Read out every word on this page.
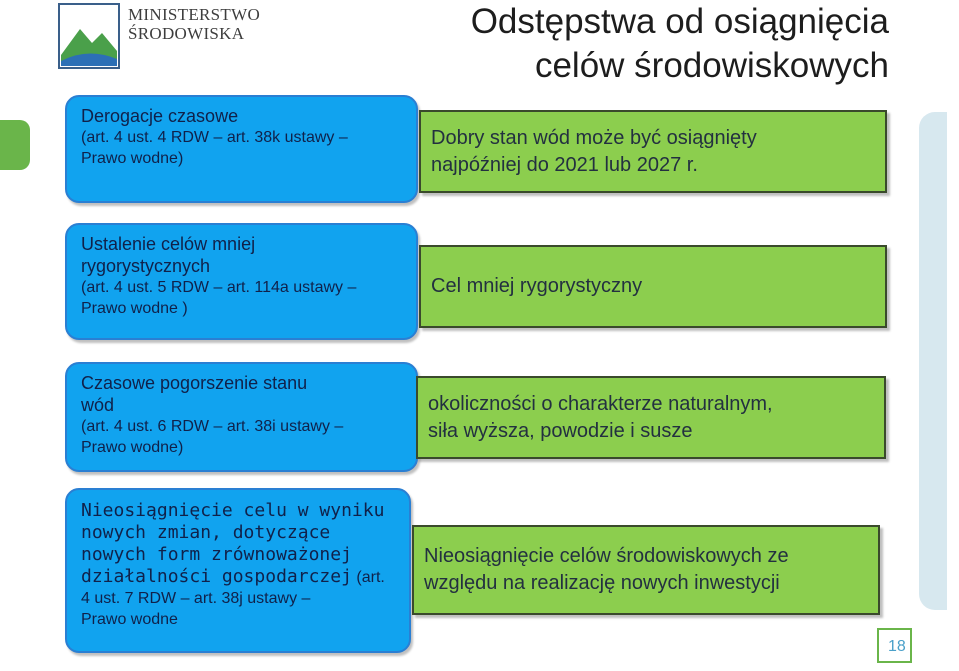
MINISTERSTWO
ŚRODOWISKA	Odstępstwa od osiągnięcia
celów środowiskowych
Derogacje czasowe
(art. 4 ust. 4 RDW – art. 38k ustawy –
Prawo wodne)
Dobry stan wód może być osiągnięty
najpóźniej do 2021 lub 2027 r.
Ustalenie celów mniej
rygorystycznych
(art. 4 ust. 5 RDW – art. 114a ustawy –
Prawo wodne )
Cel mniej rygorystyczny
Czasowe pogorszenie stanu
wód
(art. 4 ust. 6 RDW – art. 38i ustawy –
Prawo wodne)
okoliczności o charakterze naturalnym,
siła wyższa, powodzie i susze
Nieosiągnięcie celu w wyniku
nowych zmian, dotyczące
nowych form zrównoważonej
działalności gospodarczej (art.
4 ust. 7 RDW – art. 38j ustawy –
Prawo wodne
Nieosiągnięcie celów środowiskowych ze
względu na realizację nowych inwestycji
18
